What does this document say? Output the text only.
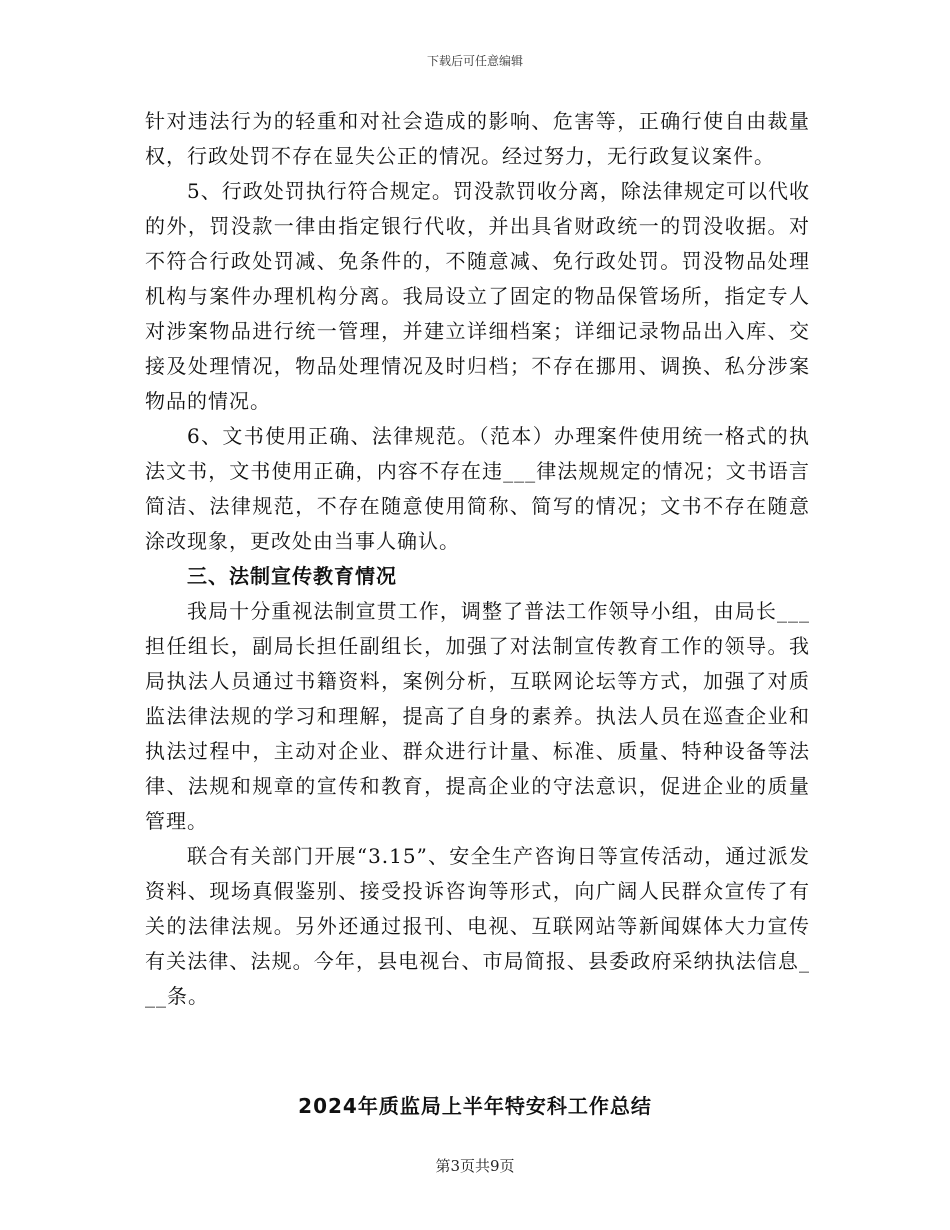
下载后可任意编辑

针对违法行为的轻重和对社会造成的影响、危害等，正确行使自由裁量权，行政处罚不存在显失公正的情况。经过努力，无行政复议案件。

5、行政处罚执行符合规定。罚没款罚收分离，除法律规定可以代收的外，罚没款一律由指定银行代收，并出具省财政统一的罚没收据。对不符合行政处罚减、免条件的，不随意减、免行政处罚。罚没物品处理机构与案件办理机构分离。我局设立了固定的物品保管场所，指定专人对涉案物品进行统一管理，并建立详细档案；详细记录物品出入库、交接及处理情况，物品处理情况及时归档；不存在挪用、调换、私分涉案物品的情况。

6、文书使用正确、法律规范。（范本）办理案件使用统一格式的执法文书，文书使用正确，内容不存在违___律法规规定的情况；文书语言简洁、法律规范，不存在随意使用简称、简写的情况；文书不存在随意涂改现象，更改处由当事人确认。

三、法制宣传教育情况

我局十分重视法制宣贯工作，调整了普法工作领导小组，由局长___担任组长，副局长担任副组长，加强了对法制宣传教育工作的领导。我局执法人员通过书籍资料，案例分析，互联网论坛等方式，加强了对质监法律法规的学习和理解，提高了自身的素养。执法人员在巡查企业和执法过程中，主动对企业、群众进行计量、标准、质量、特种设备等法律、法规和规章的宣传和教育，提高企业的守法意识，促进企业的质量管理。

联合有关部门开展“3.15”、安全生产咨询日等宣传活动，通过派发资料、现场真假鉴别、接受投诉咨询等形式，向广阔人民群众宣传了有关的法律法规。另外还通过报刊、电视、互联网站等新闻媒体大力宣传有关法律、法规。今年，县电视台、市局简报、县委政府采纳执法信息___条。

2024年质监局上半年特安科工作总结
第3页共9页
